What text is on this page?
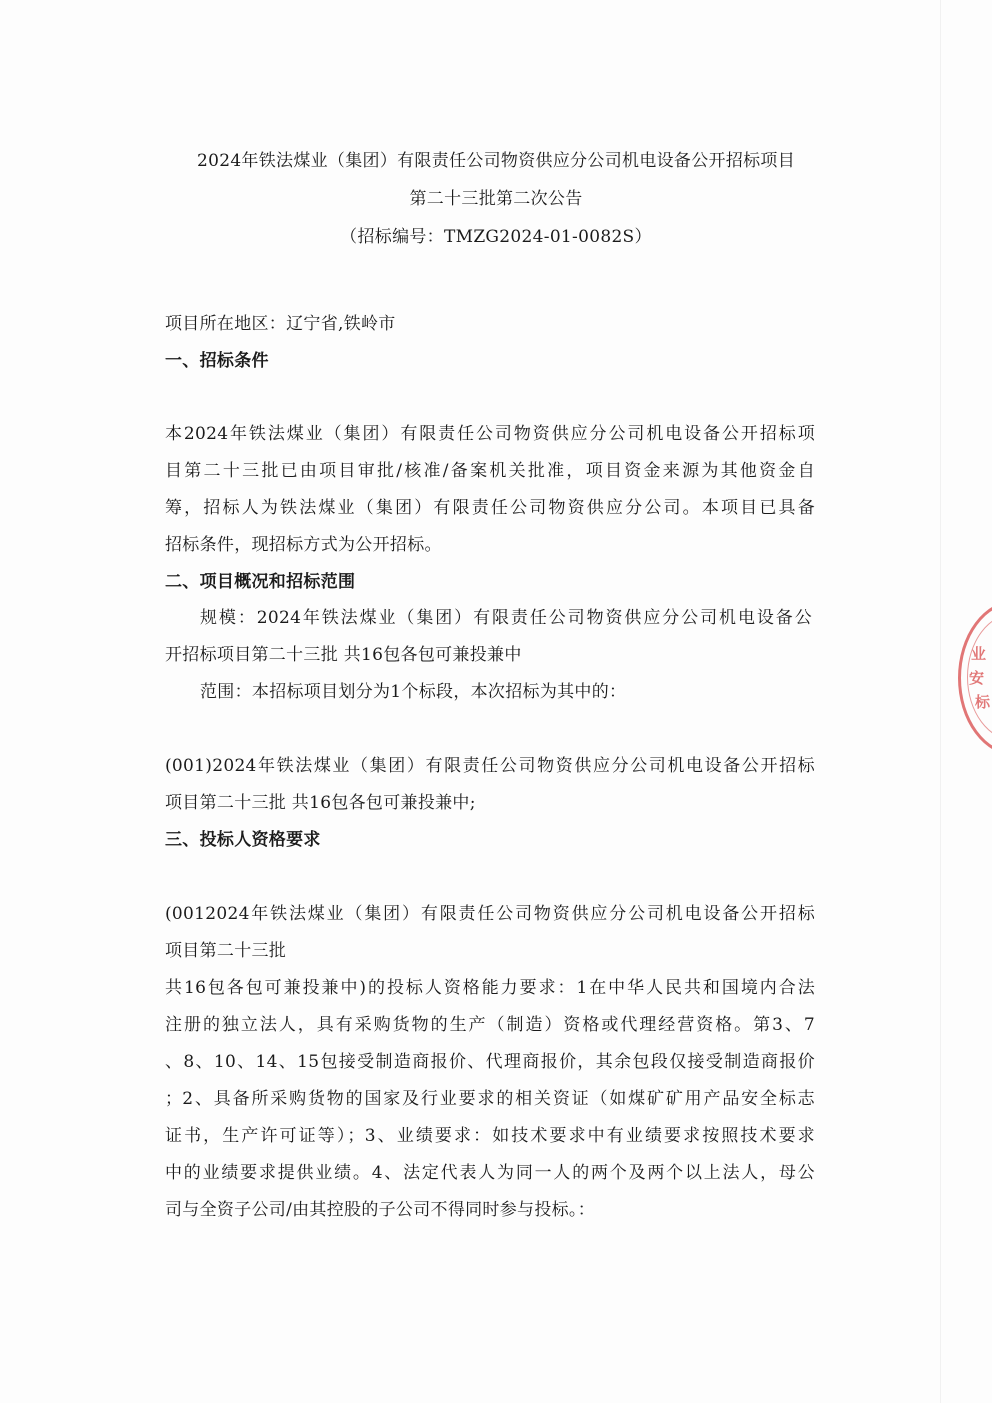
2024年铁法煤业（集团）有限责任公司物资供应分公司机电设备公开招标项目
第二十三批第二次公告
（招标编号：TMZG2024-01-0082S）
项目所在地区：辽宁省,铁岭市
一、招标条件
本2024年铁法煤业（集团）有限责任公司物资供应分公司机电设备公开招标项
目第二十三批已由项目审批/核准/备案机关批准，项目资金来源为其他资金自
筹，招标人为铁法煤业（集团）有限责任公司物资供应分公司。本项目已具备
招标条件，现招标方式为公开招标。
二、项目概况和招标范围
规模：2024年铁法煤业（集团）有限责任公司物资供应分公司机电设备公
开招标项目第二十三批 共16包各包可兼投兼中
范围：本招标项目划分为1个标段，本次招标为其中的：
(001)2024年铁法煤业（集团）有限责任公司物资供应分公司机电设备公开招标
项目第二十三批 共16包各包可兼投兼中;
三、投标人资格要求
(0012024年铁法煤业（集团）有限责任公司物资供应分公司机电设备公开招标
项目第二十三批
共16包各包可兼投兼中)的投标人资格能力要求：1在中华人民共和国境内合法
注册的独立法人，具有采购货物的生产（制造）资格或代理经营资格。第3、7
、8、10、14、15包接受制造商报价、代理商报价，其余包段仅接受制造商报价
；2、具备所采购货物的国家及行业要求的相关资证（如煤矿矿用产品安全标志
证书，生产许可证等）；3、业绩要求：如技术要求中有业绩要求按照技术要求
中的业绩要求提供业绩。4、法定代表人为同一人的两个及两个以上法人，母公
司与全资子公司/由其控股的子公司不得同时参与投标。：
业
安
标
